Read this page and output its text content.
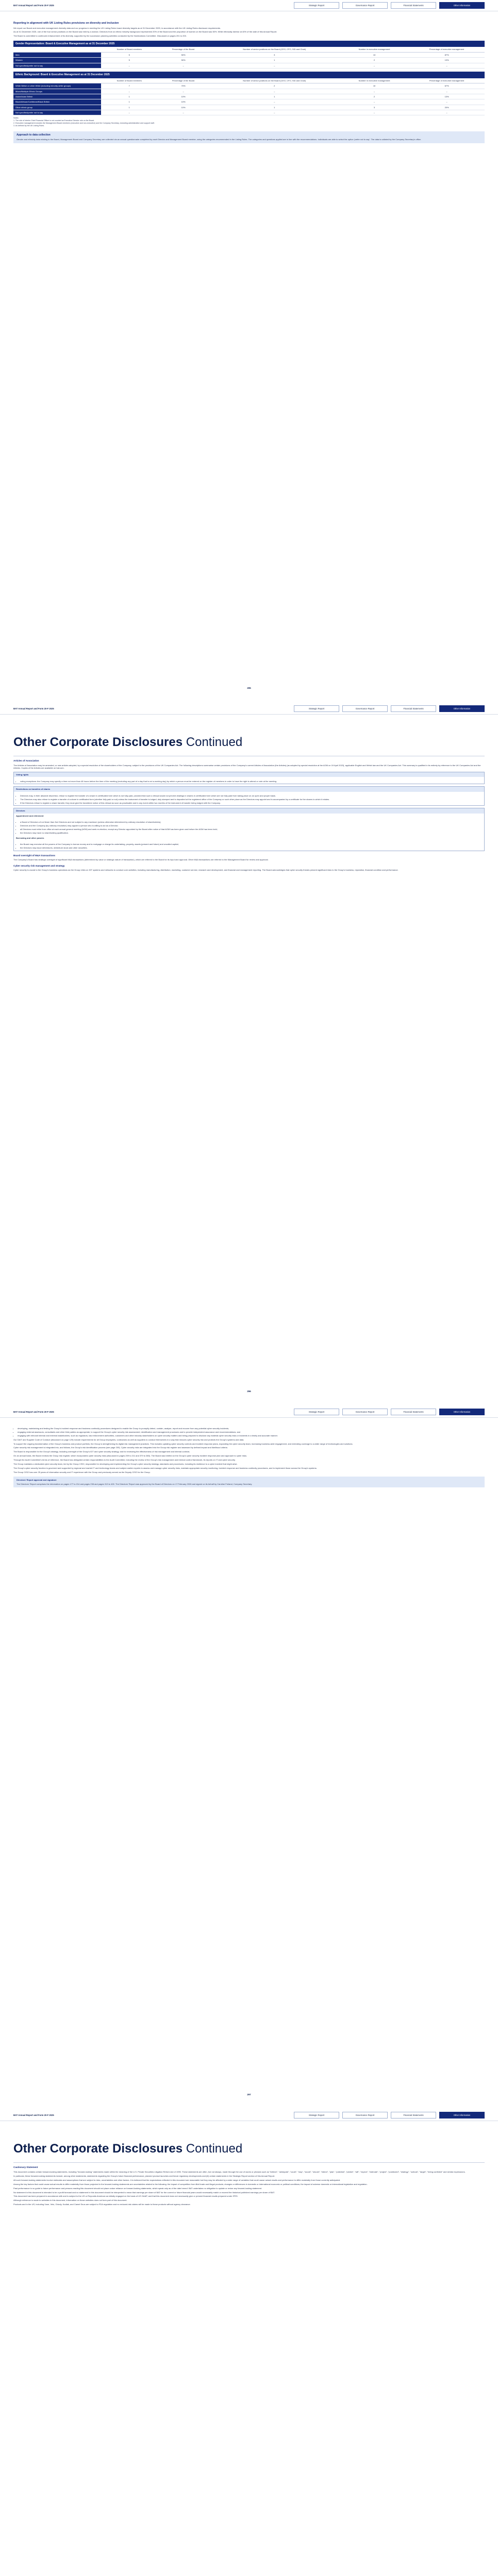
BAT Annual Report and Form 20-F 2025	Strategic Report	Governance Report	Financial Statements	Other Information
Reporting in alignment with UK Listing Rules provisions on diversity and inclusion

We report our Board and executive management diversity data and our progress in meeting the UK Listing Rules board diversity targets as at 31 December 2025, in accordance with the UK Listing Rules disclosure requirements.

As at 31 December 2025, one of the four senior positions on the Board was held by a woman. Directors from an ethnic minority background represented 20% of the Board and the proportion of women on the Board was 50%. While ethnically diverse at 40% of the date of this Annual Report.

The Board is committed to continued enhancement of its diversity, supported by the succession planning activities conducted by the Nominations Committee. Discussed on pages 201 to 203.

Gender Representation: Board & Executive Management as at 31 December 2025
	Number of Board members	Percentage of the Board	Number of senior positions on the Board (CEO, CFO, SID and Chair)	Number in executive management	Percentage of executive management
Men	5	50%	3	13	87%
Women	5	50%	1	2	13%
Not specified/prefer not to say	–	–	–	–	–
Ethnic Background: Board & Executive Management as at 31 December 2025
	Number of Board members	Percentage of the Board	Number of senior positions on the Board (CEO, CFO, SID and Chair)	Number in executive management	Percentage of executive management
White British or other White (including minority-white groups)	7	70%	2	10	67%
Mixed/Multiple Ethnic Groups	–	–	–	–	–
Asian/Asian British	1	10%	1	2	13%
Black/African/Caribbean/Black British	1	10%	–	–	–
Other ethnic group	1	10%	1	3	20%
Not specified/prefer not to say	–	–	–	–	–
Notes:
1. The role of Interim Chief Financial Officer is not counted as Executive Director role on the Board.
2. Executive management includes the Management Board members (executive and non-executive) and the Company Secretary, excluding administrative and support staff.
3. As defined by the UK Listing Rules.
Approach to data collection

Gender and ethnicity data relating to the Board, Management Board and Company Secretary are collected via an annual questionnaire completed by each Director and Management Board member, using the categories recommended in the Listing Rules. The categories and questions applied are in line with the recommendations. Individuals are able to select the option 'prefer not to say'. The data is collated by the Company Secretary's office.

295
BAT Annual Report and Form 20-F 2025	Strategic Report	Governance Report	Financial Statements	Other Information
Other Corporate Disclosures Continued
Articles of Association

The Articles of Association may be amended, or new articles adopted, by a special resolution of the shareholders of the Company, subject to the provisions of the UK Companies Act. The following descriptions summarise certain provisions of the Company's current Articles of Association (the Articles) (as adopted by special resolution at the AGM on 19 April 2023), applicable English and Welsh law and the UK Companies Act. This summary is qualified in its entirety by reference to the UK Companies Act and the Articles. Copies of the Articles are available on bat.com.

Voting rights
• voting exceptions: the Company may specify a time not more than 48 hours before the time of the meeting (excluding any part of a day that is not a working day) by which a person must be entered on the register of members in order to have the right to attend or vote at the meeting.
Restrictions on transfers of shares
• Directors may, in their absolute discretion, refuse to register the transfer of a share in certificated form which is not fully paid, provided that such a refusal would not prevent dealings in shares in certificated form which are not fully paid from taking place on an open and proper basis.
• The Directors may also refuse to register a transfer of a share in certificated form (whether fully paid or not) unless the instrument of transfer is lodged, duly stamped and is deposited at the registered office of the Company or such other place as the Directors may appoint and is accompanied by a certificate for the shares to which it relates.
• If the Directors refuse to register a share transfer, they must give the transferee notice of this refusal as soon as practicable and in any event within two months of the instrument of transfer being lodged with the Company.
Directors
Appointment and retirement
• a Board of Directors of not fewer than five Directors and not subject to any maximum (unless otherwise determined by ordinary resolution of shareholders);
• Directors and the Company (by ordinary resolution) may appoint a person who is willing to act as a Director;
• all Directors must retire from office at each annual general meeting (AGM) and seek re-election, except any Director appointed by the Board after notice of that AGM has been given and before the AGM has been held;
• the Directors may have no shareholding qualification.
Borrowing and other powers
• the Board may exercise all the powers of the Company to borrow money and to mortgage or charge its undertaking, property, assets (present and future) and uncalled capital;
• the Directors may issue debentures, debenture stock and other securities.
Board oversight of M&A transactions

The Company's Board has strategic oversight of significant M&A transactions (determined by value or strategic nature of transaction), which are referred to the Board for its input and approval. Other M&A transactions are referred to the Management Board for review and approval.

Cyber security risk management and strategy

Cyber security is crucial to the Group's business operations as the Group relies on IDT systems and networks to conduct core activities, including manufacturing, distribution, marketing, customer service, research and development, and financial and management reporting. The Board acknowledges that cyber security threats present significant risks to the Group's business, reputation, financial condition and performance.

296
BAT Annual Report and Form 20-F 2025	Strategic Report	Governance Report	Financial Statements	Other Information
• developing, maintaining and testing the Group's incident response and business continuity procedures designed to enable the Group to promptly detect, contain, analyse, report and recover from any potential cyber security incidents;
• engaging external assessors, consultants and other third parties as appropriate, to support the Group's cyber security risk assessment, identification and management processes and to provide independent assurance and recommendations; and
• engaging with relevant internal and external stakeholders, such as regulators, law enforcement authorities, customers and other industry stakeholders on cyber security matters and being prepared to disclose any material cyber security risks or incidents in a timely and accurate manner.

Our DAIT and Supplier Code of Conduct (discussed on page 129) include requirements for all Group employees, contractors as well as suppliers to conduct themselves in a way that reduces cyber security risk and protects the Group's systems and data.

To support the ongoing transformation of the Group's business and product portfolio, the Group is strengthening its digital risk management practices. This includes updating cyber security controls and incident response plans, expanding the cyber security team, increasing business-wide engagement, and extending coverage to a wider range of technologies and solutions.

Cyber security risk management is integrated into, and follows, the Group's risk identification process (see page 209). Cyber security risks are integrated into the Group risk register and assessed by defined impact and likelihood criteria.

The Board is responsible for the Group's strategy, including oversight of the Group's IDT and cyber security strategy, and for reviewing the effectiveness of risk management and internal controls.

On an annual basis, the Board reviews the Group risk register, which incorporates cyber security risks (discussed in pages 209 to 211 and 379 to 380). The Board was briefed on the Group's cyber security incident response plan and approach to cyber risks.

Through the Audit Committee's terms of reference, the Board has delegated certain responsibilities to the Audit Committee, including the review of the Group's risk management and internal control framework, its reports on IT and cyber security.

The Group maintains a dedicated cyber security team, led by the Group CISO, responsible for developing and implementing the Group's cyber security strategy, standards and procedures, including its resilience to a cyber incident that might arise.

The Group's cyber security function is governed and supported by regional and market IT and technology teams and subject-matter experts to assess and manage cyber security risks, maintain appropriate security monitoring, incident response and business continuity procedures, and to implement those across the Group's systems.

The Group CISO has over 25 years of information security and IT experience with the Group and previously served as the Deputy CISO for the Group.

Directors' Report approval and signature

The Directors' Report comprises the information on pages 177 to 214 and pages 238 and pages 313 to 400. The Directors' Report was approved by the Board of Directors on 17 February 2026 and signed on its behalf by Caroline Ferland, Company Secretary.

297
BAT Annual Report and Form 20-F 2025	Strategic Report	Governance Report	Financial Statements	Other Information
Other Corporate Disclosures Continued
Cautionary Statement

This document contains certain forward-looking statements, including "forward-looking" statements made within the meaning of the U.S. Private Securities Litigation Reform Act of 1995. These statements are often, but not always, made through the use of words or phrases such as "believe", "anticipate", "could", "may", "would", "should", "intend", "plan", "potential", "predict", "will", "expect", "estimate", "project", "positioned", "strategy", "outlook", "target", "being confident" and similar expressions.

In particular, these forward-looking statements include, among other statements, statements regarding the Group's future financial performance, planned product launches and future regulatory developments and (iii) certain statements in the Strategic Report section of this Annual Report.

All such forward-looking statements involve estimates and assumptions that are subject to risks, uncertainties and other factors. It is believed that the expectations reflected in this document are reasonable but they may be affected by a wide range of variables that could cause actual results and performance to differ materially from those currently anticipated.

Among the key factors that could cause actual results to differ materially from those projected in the forward-looking statements are uncertainties related to the following: the impact of competition from illicit trade and illegal products; changes or differences in domestic or international economic or political conditions; the impact of adverse domestic or international legislation and regulation.

Past performance is no guide to future performance and persons reading this document should not place undue reliance on forward-looking statements, which speak only as of the date hereof. BAT undertakes no obligation to update or revise any forward-looking statement.

No statement in this document is intended to be a profit forecast and no statement in this document should be interpreted to mean that earnings per share of BAT for the current or future financial years would necessarily match or exceed the historical published earnings per share of BAT.

This document has been prepared in accordance with and is subject to the US or Reynolds American as initially engaged on the basis of US GAAP, and that this document does not necessarily give or present financial results prepared under IFRS.

Although reference is made to websites in this document, information on those websites does not form part of this document.

Products and in the US, including Vuse, Velo, Grizzly, Kodiak, and Camel Snus are subject to FDA regulation and no reduced-risk claims will be made to these products without agency clearance.
